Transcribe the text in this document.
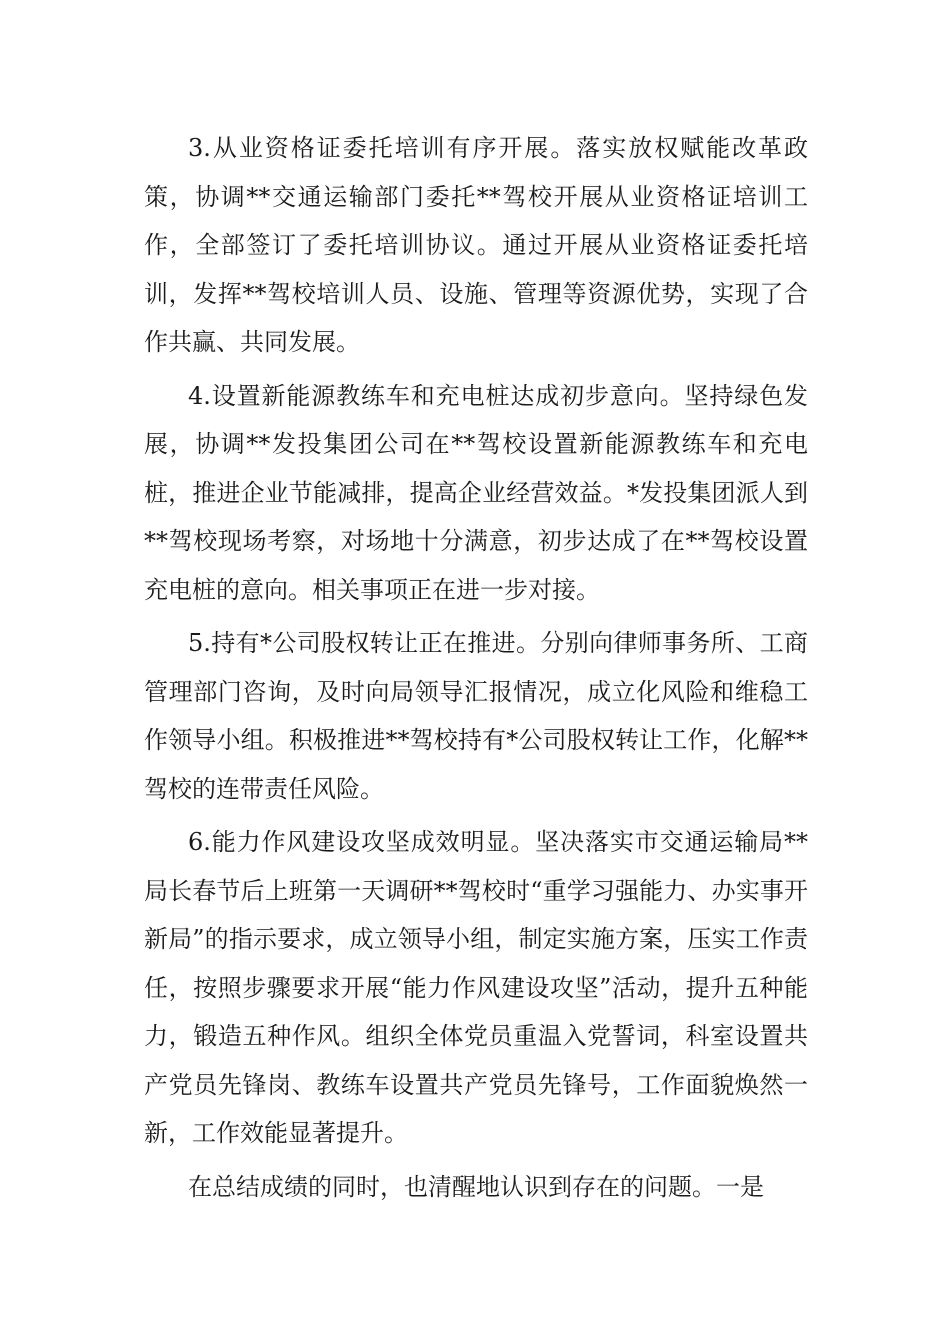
3.从业资格证委托培训有序开展。落实放权赋能改革政策，协调**交通运输部门委托**驾校开展从业资格证培训工作，全部签订了委托培训协议。通过开展从业资格证委托培训，发挥**驾校培训人员、设施、管理等资源优势，实现了合作共赢、共同发展。

4.设置新能源教练车和充电桩达成初步意向。坚持绿色发展，协调**发投集团公司在**驾校设置新能源教练车和充电桩，推进企业节能减排，提高企业经营效益。*发投集团派人到**驾校现场考察，对场地十分满意，初步达成了在**驾校设置充电桩的意向。相关事项正在进一步对接。

5.持有*公司股权转让正在推进。分别向律师事务所、工商管理部门咨询，及时向局领导汇报情况，成立化风险和维稳工作领导小组。积极推进**驾校持有*公司股权转让工作，化解**驾校的连带责任风险。

6.能力作风建设攻坚成效明显。坚决落实市交通运输局**局长春节后上班第一天调研**驾校时“重学习强能力、办实事开新局”的指示要求，成立领导小组，制定实施方案，压实工作责任，按照步骤要求开展“能力作风建设攻坚”活动，提升五种能力，锻造五种作风。组织全体党员重温入党誓词，科室设置共产党员先锋岗、教练车设置共产党员先锋号，工作面貌焕然一新，工作效能显著提升。

在总结成绩的同时，也清醒地认识到存在的问题。一是
